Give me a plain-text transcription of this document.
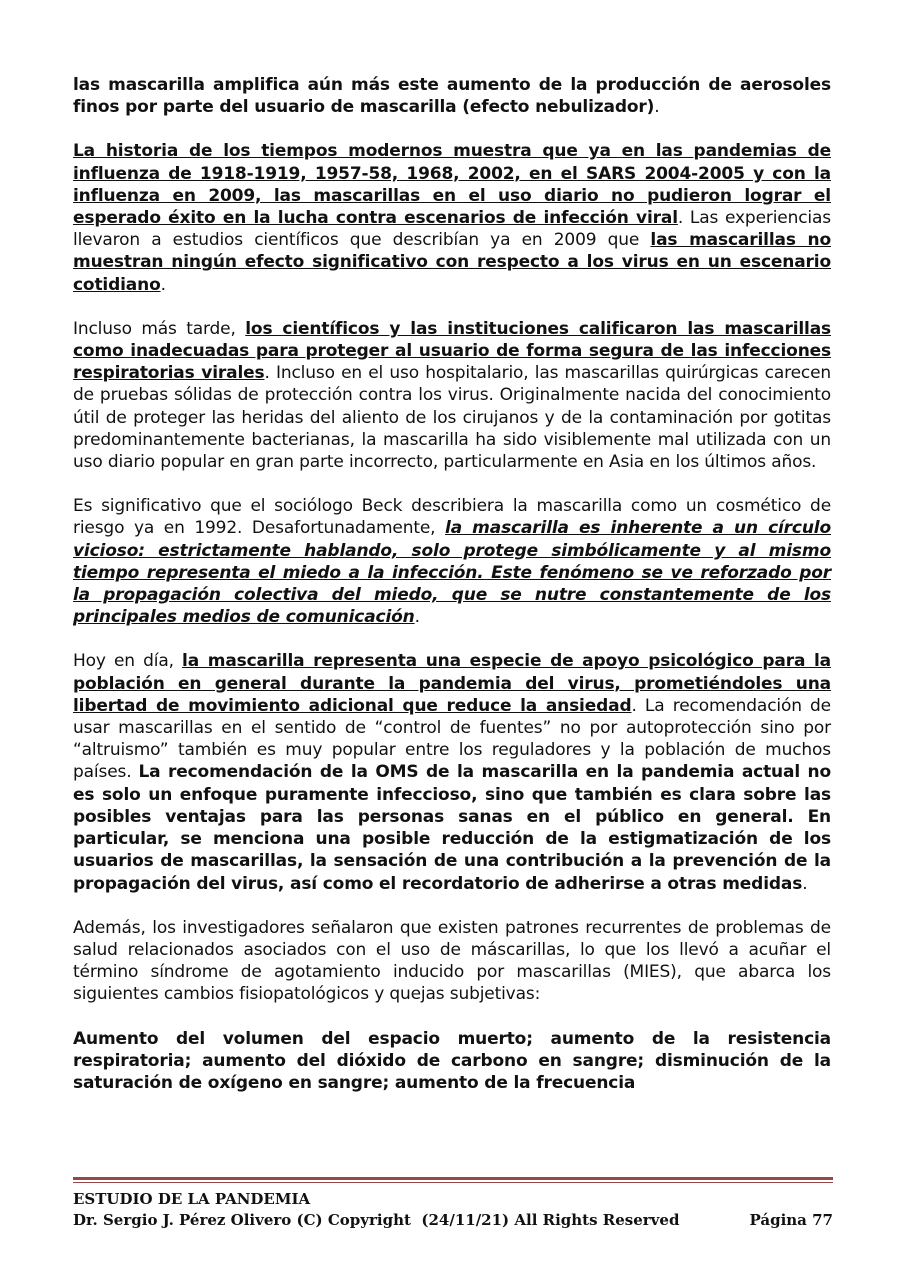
las mascarilla amplifica aún más este aumento de la producción de aerosoles finos por parte del usuario de mascarilla (efecto nebulizador).

La historia de los tiempos modernos muestra que ya en las pandemias de influenza de 1918-1919, 1957-58, 1968, 2002, en el SARS 2004-2005 y con la influenza en 2009, las mascarillas en el uso diario no pudieron lograr el esperado éxito en la lucha contra escenarios de infección viral. Las experiencias llevaron a estudios científicos que describían ya en 2009 que las mascarillas no muestran ningún efecto significativo con respecto a los virus en un escenario cotidiano.

Incluso más tarde, los científicos y las instituciones calificaron las mascarillas como inadecuadas para proteger al usuario de forma segura de las infecciones respiratorias virales. Incluso en el uso hospitalario, las mascarillas quirúrgicas carecen de pruebas sólidas de protección contra los virus. Originalmente nacida del conocimiento útil de proteger las heridas del aliento de los cirujanos y de la contaminación por gotitas predominantemente bacterianas, la mascarilla ha sido visiblemente mal utilizada con un uso diario popular en gran parte incorrecto, particularmente en Asia en los últimos años.

Es significativo que el sociólogo Beck describiera la mascarilla como un cosmético de riesgo ya en 1992. Desafortunadamente, la mascarilla es inherente a un círculo vicioso: estrictamente hablando, solo protege simbólicamente y al mismo tiempo representa el miedo a la infección. Este fenómeno se ve reforzado por la propagación colectiva del miedo, que se nutre constantemente de los principales medios de comunicación.

Hoy en día, la mascarilla representa una especie de apoyo psicológico para la población en general durante la pandemia del virus, prometiéndoles una libertad de movimiento adicional que reduce la ansiedad. La recomendación de usar mascarillas en el sentido de “control de fuentes” no por autoprotección sino por “altruismo” también es muy popular entre los reguladores y la población de muchos países. La recomendación de la OMS de la mascarilla en la pandemia actual no es solo un enfoque puramente infeccioso, sino que también es clara sobre las posibles ventajas para las personas sanas en el público en general. En particular, se menciona una posible reducción de la estigmatización de los usuarios de mascarillas, la sensación de una contribución a la prevención de la propagación del virus, así como el recordatorio de adherirse a otras medidas.

Además, los investigadores señalaron que existen patrones recurrentes de problemas de salud relacionados asociados con el uso de máscarillas, lo que los llevó a acuñar el término síndrome de agotamiento inducido por mascarillas (MIES), que abarca los siguientes cambios fisiopatológicos y quejas subjetivas:

Aumento del volumen del espacio muerto; aumento de la resistencia respiratoria; aumento del dióxido de carbono en sangre; disminución de la saturación de oxígeno en sangre; aumento de la frecuencia

ESTUDIO DE LA PANDEMIA
Dr. Sergio J. Pérez Olivero (C) Copyright  (24/11/21) All Rights Reserved	Página 77
